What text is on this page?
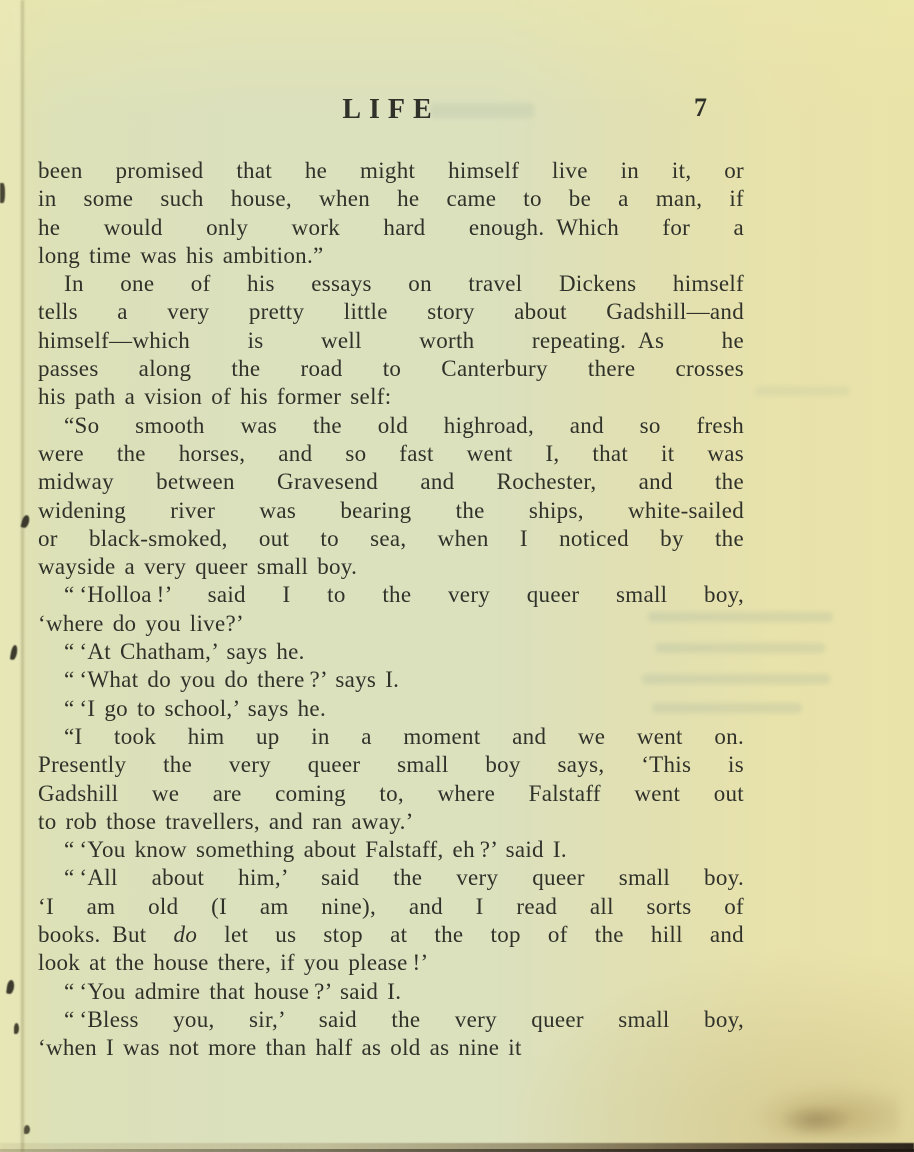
LIFE	7
been promised that he might himself live in it, or
in some such house, when he came to be a man, if
he would only work hard enough. Which for a
long time was his ambition.”
In one of his essays on travel Dickens himself
tells a very pretty little story about Gadshill—and
himself—which is well worth repeating. As he
passes along the road to Canterbury there crosses
his path a vision of his former self:
“So smooth was the old highroad, and so fresh
were the horses, and so fast went I, that it was
midway between Gravesend and Rochester, and the
widening river was bearing the ships, white-sailed
or black-smoked, out to sea, when I noticed by the
wayside a very queer small boy.
“ ‘Holloa !’ said I to the very queer small boy,
‘where do you live?’
“ ‘At Chatham,’ says he.
“ ‘What do you do there ?’ says I.
“ ‘I go to school,’ says he.
“I took him up in a moment and we went on.
Presently the very queer small boy says, ‘This is
Gadshill we are coming to, where Falstaff went out
to rob those travellers, and ran away.’
“ ‘You know something about Falstaff, eh ?’ said I.
“ ‘All about him,’ said the very queer small boy.
‘I am old (I am nine), and I read all sorts of
books. But do let us stop at the top of the hill and
look at the house there, if you please !’
“ ‘You admire that house ?’ said I.
“ ‘Bless you, sir,’ said the very queer small boy,
‘when I was not more than half as old as nine it
